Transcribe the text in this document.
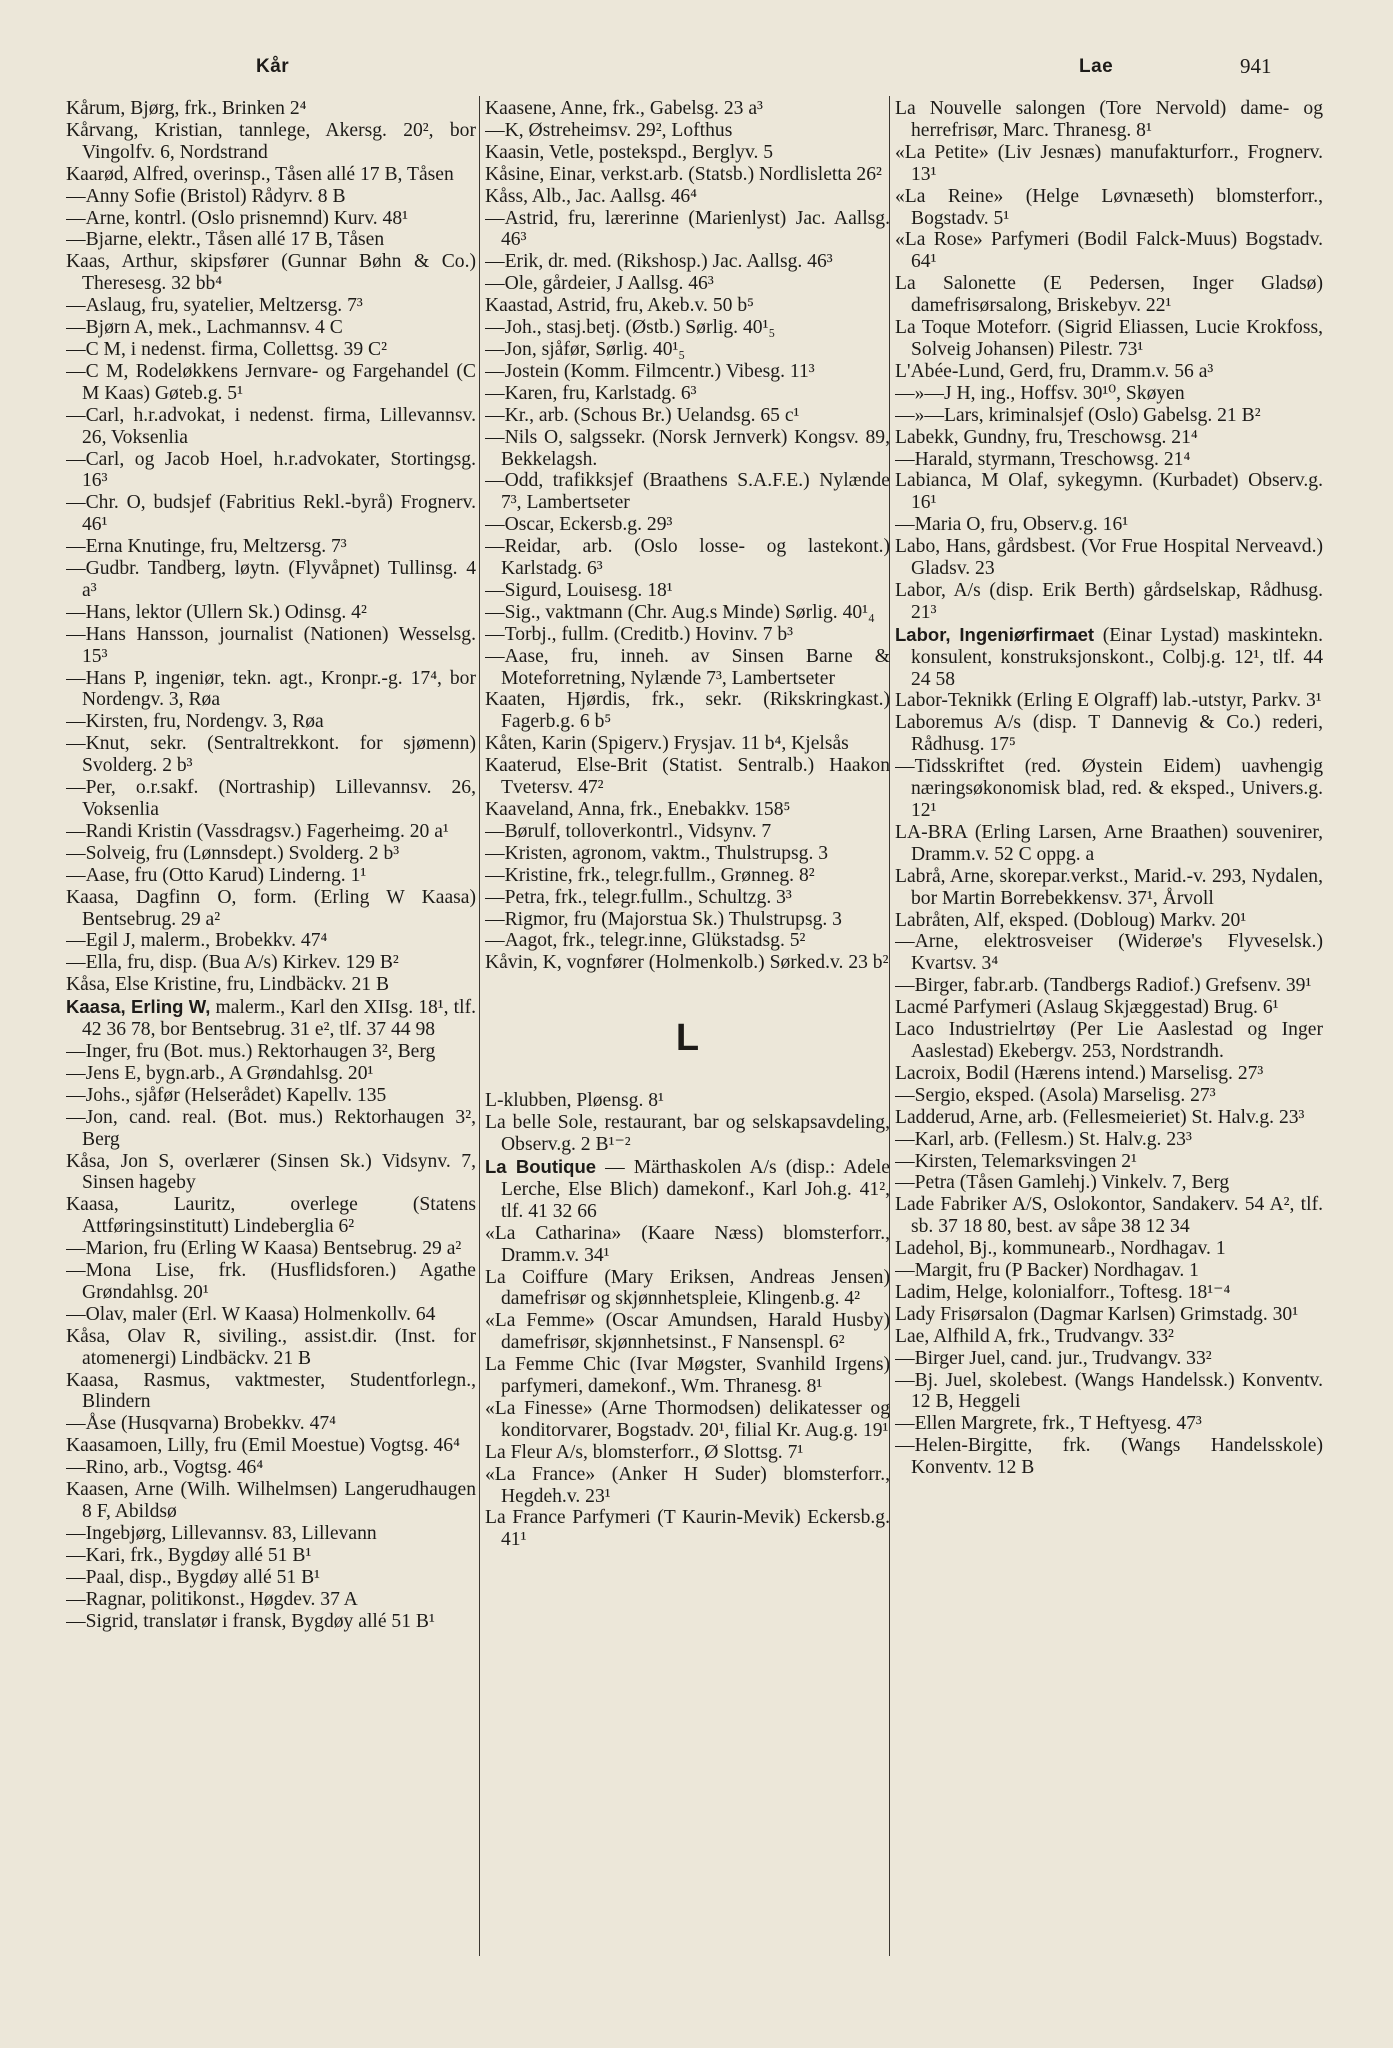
Kår	Lae	941

Kårum, Bjørg, frk., Brinken 2⁴

Kårvang, Kristian, tannlege, Akersg. 20², bor Vingolfv. 6, Nordstrand

Kaarød, Alfred, overinsp., Tåsen allé 17 B, Tåsen

—Anny Sofie (Bristol) Rådyrv. 8 B

—Arne, kontrl. (Oslo prisnemnd) Kurv. 48¹

—Bjarne, elektr., Tåsen allé 17 B, Tåsen

Kaas, Arthur, skipsfører (Gunnar Bøhn & Co.) Theresesg. 32 bb⁴

—Aslaug, fru, syatelier, Meltzersg. 7³

—Bjørn A, mek., Lachmannsv. 4 C

—C M, i nedenst. firma, Collettsg. 39 C²

—C M, Rodeløkkens Jernvare- og Fargehandel (C M Kaas) Gøteb.g. 5¹

—Carl, h.r.advokat, i nedenst. firma, Lillevannsv. 26, Voksenlia

—Carl, og Jacob Hoel, h.r.advokater, Stortingsg. 16³

—Chr. O, budsjef (Fabritius Rekl.-byrå) Frognerv. 46¹

—Erna Knutinge, fru, Meltzersg. 7³

—Gudbr. Tandberg, løytn. (Flyvåpnet) Tullinsg. 4 a³

—Hans, lektor (Ullern Sk.) Odinsg. 4²

—Hans Hansson, journalist (Nationen) Wesselsg. 15³

—Hans P, ingeniør, tekn. agt., Kronpr.-g. 17⁴, bor Nordengv. 3, Røa

—Kirsten, fru, Nordengv. 3, Røa

—Knut, sekr. (Sentraltrekkont. for sjømenn) Svolderg. 2 b³

—Per, o.r.sakf. (Nortraship) Lillevannsv. 26, Voksenlia

—Randi Kristin (Vassdragsv.) Fagerheimg. 20 a¹

—Solveig, fru (Lønnsdept.) Svolderg. 2 b³

—Aase, fru (Otto Karud) Linderng. 1¹

Kaasa, Dagfinn O, form. (Erling W Kaasa) Bentsebrug. 29 a²

—Egil J, malerm., Brobekkv. 47⁴

—Ella, fru, disp. (Bua A/s) Kirkev. 129 B²

Kåsa, Else Kristine, fru, Lindbäckv. 21 B

Kaasa, Erling W, malerm., Karl den XIIsg. 18¹, tlf. 42 36 78, bor Bentsebrug. 31 e², tlf. 37 44 98

—Inger, fru (Bot. mus.) Rektorhaugen 3², Berg

—Jens E, bygn.arb., A Grøndahlsg. 20¹

—Johs., sjåfør (Helserådet) Kapellv. 135

—Jon, cand. real. (Bot. mus.) Rektorhaugen 3², Berg

Kåsa, Jon S, overlærer (Sinsen Sk.) Vidsynv. 7, Sinsen hageby

Kaasa, Lauritz, overlege (Statens Attføringsinstitutt) Lindebergliа 6²

—Marion, fru (Erling W Kaasa) Bentsebrug. 29 a²

—Mona Lise, frk. (Husflidsforen.) Agathe Grøndahlsg. 20¹

—Olav, maler (Erl. W Kaasa) Holmenkollv. 64

Kåsa, Olav R, siviling., assist.dir. (Inst. for atomenergi) Lindbäckv. 21 B

Kaasa, Rasmus, vaktmester, Studentforlegn., Blindern

—Åse (Husqvarna) Brobekkv. 47⁴

Kaasamoen, Lilly, fru (Emil Moestue) Vogtsg. 46⁴

—Rino, arb., Vogtsg. 46⁴

Kaasen, Arne (Wilh. Wilhelmsen) Langerudhaugen 8 F, Abildsø

—Ingebjørg, Lillevannsv. 83, Lillevann

—Kari, frk., Bygdøy allé 51 B¹

—Paal, disp., Bygdøy allé 51 B¹

—Ragnar, politikonst., Høgdev. 37 A

—Sigrid, translatør i fransk, Bygdøy allé 51 B¹

Kaasene, Anne, frk., Gabelsg. 23 a³

—K, Østreheimsv. 29², Lofthus

Kaasin, Vetle, postekspd., Berglyv. 5

Kåsine, Einar, verkst.arb. (Statsb.) Nordlisletta 26²

Kåss, Alb., Jac. Aallsg. 46⁴

—Astrid, fru, lærerinne (Marienlyst) Jac. Aallsg. 46³

—Erik, dr. med. (Rikshosp.) Jac. Aallsg. 46³

—Ole, gårdeier, J Aallsg. 46³

Kaastad, Astrid, fru, Akeb.v. 50 b⁵

—Joh., stasj.betj. (Østb.) Sørlig. 40¹₅

—Jon, sjåfør, Sørlig. 40¹₅

—Jostein (Komm. Filmcentr.) Vibesg. 11³

—Karen, fru, Karlstadg. 6³

—Kr., arb. (Schous Br.) Uelandsg. 65 c¹

—Nils O, salgssekr. (Norsk Jernverk) Kongsv. 89, Bekkelagsh.

—Odd, trafikksjef (Braathens S.A.F.E.) Nylænde 7³, Lambertseter

—Oscar, Eckersb.g. 29³

—Reidar, arb. (Oslo losse- og lastekont.) Karlstadg. 6³

—Sigurd, Louisesg. 18¹

—Sig., vaktmann (Chr. Aug.s Minde) Sørlig. 40¹₄

—Torbj., fullm. (Creditb.) Hovinv. 7 b³

—Aase, fru, inneh. av Sinsen Barne & Moteforretning, Nylænde 7³, Lambertseter

Kaaten, Hjørdis, frk., sekr. (Rikskringkast.) Fagerb.g. 6 b⁵

Kåten, Karin (Spigerv.) Frysjav. 11 b⁴, Kjelsås

Kaaterud, Else-Brit (Statist. Sentralb.) Haakon Tvetersv. 47²

Kaaveland, Anna, frk., Enebakkv. 158⁵

—Børulf, tolloverkontrl., Vidsynv. 7

—Kristen, agronom, vaktm., Thulstrupsg. 3

—Kristine, frk., telegr.fullm., Grønneg. 8²

—Petra, frk., telegr.fullm., Schultzg. 3³

—Rigmor, fru (Majorstua Sk.) Thulstrupsg. 3

—Aagot, frk., telegr.inne, Glükstadsg. 5²

Kåvin, K, vognfører (Holmenkolb.) Sørked.v. 23 b²

L

L-klubben, Pløensg. 8¹

La belle Sole, restaurant, bar og selskapsavdeling, Observ.g. 2 B¹⁻²

La Boutique — Märthaskolen A/s (disp.: Adele Lerche, Else Blich) damekonf., Karl Joh.g. 41², tlf. 41 32 66

«La Catharina» (Kaare Næss) blomsterforr., Dramm.v. 34¹

La Coiffure (Mary Eriksen, Andreas Jensen) damefrisør og skjønnhetspleie, Klingenb.g. 4²

«La Femme» (Oscar Amundsen, Harald Husby) damefrisør, skjønnhetsinst., F Nansenspl. 6²

La Femme Chic (Ivar Møgster, Svanhild Irgens) parfymeri, damekonf., Wm. Thranesg. 8¹

«La Finesse» (Arne Thormodsen) delikatesser og konditorvarer, Bogstadv. 20¹, filial Kr. Aug.g. 19¹

La Fleur A/s, blomsterforr., Ø Slottsg. 7¹

«La France» (Anker H Suder) blomsterforr., Hegdeh.v. 23¹

La France Parfymeri (T Kaurin-Mevik) Eckersb.g. 41¹

La Nouvelle salongen (Tore Nervold) dame- og herrefrisør, Marc. Thranesg. 8¹

«La Petite» (Liv Jesnæs) manufakturforr., Frognerv. 13¹

«La Reine» (Helge Løvnæseth) blomsterforr., Bogstadv. 5¹

«La Rose» Parfymeri (Bodil Falck-Muus) Bogstadv. 64¹

La Salonette (E Pedersen, Inger Gladsø) damefrisørsalong, Briskebyv. 22¹

La Toque Moteforr. (Sigrid Eliassen, Lucie Krokfoss, Solveig Johansen) Pilestr. 73¹

L'Abée-Lund, Gerd, fru, Dramm.v. 56 a³

—»—J H, ing., Hoffsv. 30¹⁰, Skøyen

—»—Lars, kriminalsjef (Oslo) Gabelsg. 21 B²

Labekk, Gundny, fru, Treschowsg. 21⁴

—Harald, styrmann, Treschowsg. 21⁴

Labianca, M Olaf, sykegymn. (Kurbadet) Observ.g. 16¹

—Maria O, fru, Observ.g. 16¹

Labo, Hans, gårdsbest. (Vor Frue Hospital Nerveavd.) Gladsv. 23

Labor, A/s (disp. Erik Berth) gårdselskap, Rådhusg. 21³

Labor, Ingeniørfirmaet (Einar Lystad) maskintekn. konsulent, konstruksjonskont., Colbj.g. 12¹, tlf. 44 24 58

Labor-Teknikk (Erling E Olgraff) lab.-utstyr, Parkv. 3¹

Laboremus A/s (disp. T Dannevig & Co.) rederi, Rådhusg. 17⁵

—Tidsskriftet (red. Øystein Eidem) uavhengig næringsøkonomisk blad, red. & eksped., Univers.g. 12¹

LA-BRA (Erling Larsen, Arne Braathen) souvenirer, Dramm.v. 52 C oppg. a

Labrå, Arne, skorepar.verkst., Marid.-v. 293, Nydalen, bor Martin Borrebekkensv. 37¹, Årvoll

Labråten, Alf, eksped. (Dobloug) Markv. 20¹

—Arne, elektrosveiser (Widerøe's Flyveselsk.) Kvartsv. 3⁴

—Birger, fabr.arb. (Tandbergs Radiof.) Grefsenv. 39¹

Lacmé Parfymeri (Aslaug Skjæggestad) Brug. 6¹

Laco Industrielrtøy (Per Lie Aaslestad og Inger Aaslestad) Ekebergv. 253, Nordstrandh.

Lacroix, Bodil (Hærens intend.) Marselisg. 27³

—Sergio, eksped. (Asola) Marselisg. 27³

Ladderud, Arne, arb. (Fellesmeieriet) St. Halv.g. 23³

—Karl, arb. (Fellesm.) St. Halv.g. 23³

—Kirsten, Telemarksvingen 2¹

—Petra (Tåsen Gamlehj.) Vinkelv. 7, Berg

Lade Fabriker A/S, Oslokontor, Sandakerv. 54 A², tlf. sb. 37 18 80, best. av såpe 38 12 34

Ladehol, Bj., kommunearb., Nordhagav. 1

—Margit, fru (P Backer) Nordhagav. 1

Ladim, Helge, kolonialforr., Toftesg. 18¹⁻⁴

Lady Frisørsalon (Dagmar Karlsen) Grimstadg. 30¹

Lae, Alfhild A, frk., Trudvangv. 33²

—Birger Juel, cand. jur., Trudvangv. 33²

—Bj. Juel, skolebest. (Wangs Handelssk.) Konventv. 12 B, Heggeli

—Ellen Margrete, frk., T Heftyesg. 47³

—Helen-Birgitte, frk. (Wangs Handelsskole) Konventv. 12 B
